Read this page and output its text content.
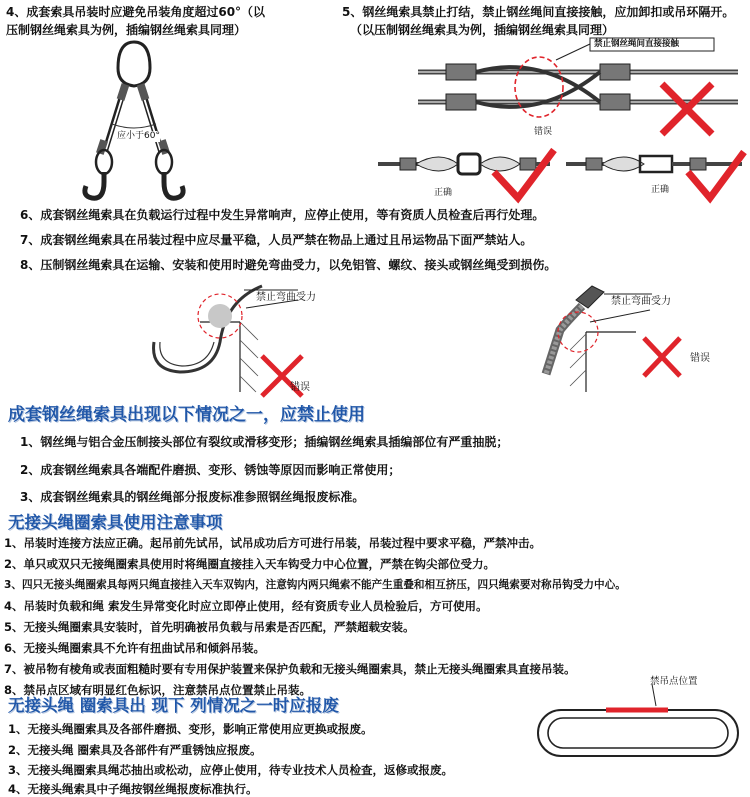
4、成套索具吊装时应避免吊装角度超过60°（以
压制钢丝绳索具为例，插编钢丝绳索具同理）
5、钢丝绳索具禁止打结，禁止钢丝绳间直接接触，应加卸扣或吊环隔开。
（以压制钢丝绳索具为例，插编钢丝绳索具同理）
应小于60°
禁止钢丝绳间直接接触
错误
正确	正确
6、成套钢丝绳索具在负载运行过程中发生异常响声，应停止使用，等有资质人员检查后再行处理。
7、成套钢丝绳索具在吊装过程中应尽量平稳，人员严禁在物品上通过且吊运物品下面严禁站人。
8、压制钢丝绳索具在运输、安装和使用时避免弯曲受力，以免铝管、螺纹、接头或钢丝绳受到损伤。
禁止弯曲受力
错误
禁止弯曲受力
错误
成套钢丝绳索具出现以下情况之一，应禁止使用
1、钢丝绳与铝合金压制接头部位有裂纹或滑移变形；插编钢丝绳索具插编部位有严重抽脱；
2、成套钢丝绳索具各端配件磨损、变形、锈蚀等原因而影响正常使用；
3、成套钢丝绳索具的钢丝绳部分报废标准参照钢丝绳报废标准。
无接头绳圈索具使用注意事项
1、吊装时连接方法应正确。起吊前先试吊，试吊成功后方可进行吊装，吊装过程中要求平稳，严禁冲击。
2、单只或双只无接绳圈索具使用时将绳圈直接挂入天车钩受力中心位置，严禁在钩尖部位受力。
3、四只无接头绳圈索具每两只绳直接挂入天车双钩内，注意钩内两只绳索不能产生重叠和相互挤压，四只绳索要对称吊钩受力中心。
4、吊装时负载和绳 索发生异常变化时应立即停止使用，经有资质专业人员检验后，方可使用。
5、无接头绳圈索具安装时，首先明确被吊负载与吊索是否匹配，严禁超载安装。
6、无接头绳圈索具不允许有扭曲试吊和倾斜吊装。
7、被吊物有棱角或表面粗糙时要有专用保护装置来保护负载和无接头绳圈索具，禁止无接头绳圈索具直接吊装。
8、禁吊点区域有明显红色标识，注意禁吊点位置禁止吊装。
无接头绳 圈索具出 现下 列情况之一时应报废
1、无接头绳圈索具及各部件磨损、变形，影响正常使用应更换或报废。
2、无接头绳 圈索具及各部件有严重锈蚀应报废。
3、无接头绳圈索具绳芯抽出或松动，应停止使用，待专业技术人员检查，返修或报废。
4、无接头绳索具中子绳按钢丝绳报废标准执行。
禁吊点位置
